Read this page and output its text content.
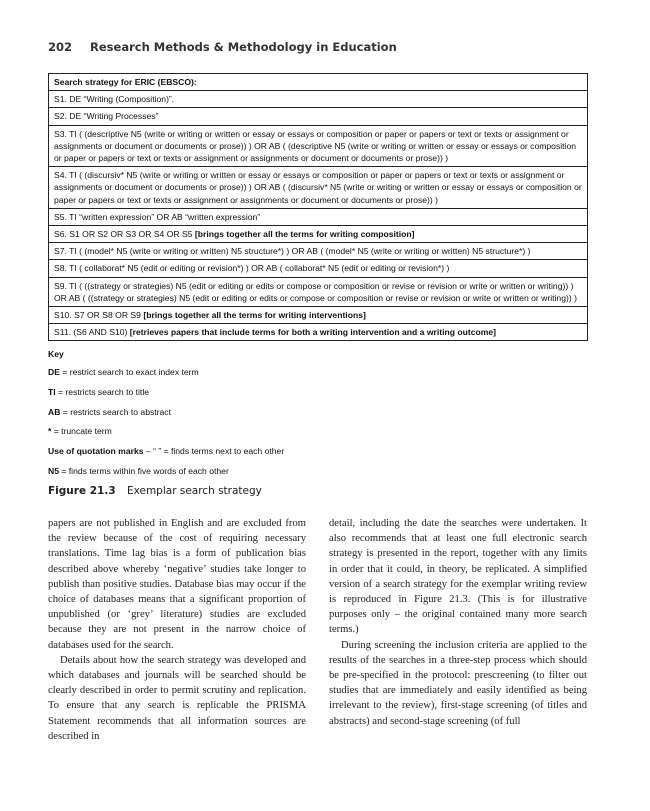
202 Research Methods & Methodology in Education
Search strategy for ERIC (EBSCO):
S1. DE “Writing (Composition)”.
S2. DE “Writing Processes”
S3. TI ( (descriptive N5 (write or writing or written or essay or essays or composition or paper or papers or text or texts or assignment or assignments or document or documents or prose)) ) OR AB ( (descriptive N5 (write or writing or written or essay or essays or composition or paper or papers or text or texts or assignment or assignments or document or documents or prose)) )
S4. TI ( (discursiv* N5 (write or writing or written or essay or essays or composition or paper or papers or text or texts or assignment or assignments or document or documents or prose)) ) OR AB ( (discursiv* N5 (write or writing or written or essay or essays or composition or paper or papers or text or texts or assignment or assignments or document or documents or prose)) )
S5. TI “written expression” OR AB “written expression”
S6. S1 OR S2 OR S3 OR S4 OR S5 [brings together all the terms for writing composition]
S7. TI ( (model* N5 (write or writing or written) N5 structure*) ) OR AB ( (model* N5 (write or writing or written) N5 structure*) )
S8. TI ( collaborat* N5 (edit or editing or revision*) ) OR AB ( collaborat* N5 (edit or editing or revision*) )
S9. TI ( ((strategy or strategies) N5 (edit or editing or edits or compose or composition or revise or revision or write or written or writing)) ) OR AB ( ((strategy or strategies) N5 (edit or editing or edits or compose or composition or revise or revision or write or written or writing)) )
S10. S7 OR S8 OR S9 [brings together all the terms for writing interventions]
S11. (S6 AND S10) [retrieves papers that include terms for both a writing intervention and a writing outcome]
Key
DE = restrict search to exact index term
TI = restricts search to title
AB = restricts search to abstract
* = truncate term
Use of quotation marks – “ ” = finds terms next to each other
N5 = finds terms within five words of each other
Figure 21.3 Exemplar search strategy

papers are not published in English and are excluded from the review because of the cost of requiring necessary translations. Time lag bias is a form of publication bias described above whereby ‘negative’ studies take longer to publish than positive studies. Database bias may occur if the choice of databases means that a significant proportion of unpublished (or ‘grey’ literature) studies are excluded because they are not present in the narrow choice of databases used for the search.

Details about how the search strategy was developed and which databases and journals will be searched should be clearly described in order to permit scrutiny and replication. To ensure that any search is replicable the PRISMA Statement recommends that all information sources are described in

detail, including the date the searches were undertaken. It also recommends that at least one full electronic search strategy is presented in the report, together with any limits in order that it could, in theory, be replicated. A simplified version of a search strategy for the exemplar writing review is reproduced in Figure 21.3. (This is for illustrative purposes only – the original contained many more search terms.)

During screening the inclusion criteria are applied to the results of the searches in a three-step process which should be pre-specified in the protocol: prescreening (to filter out studies that are immediately and easily identified as being irrelevant to the review), first-stage screening (of titles and abstracts) and second-stage screening (of full
